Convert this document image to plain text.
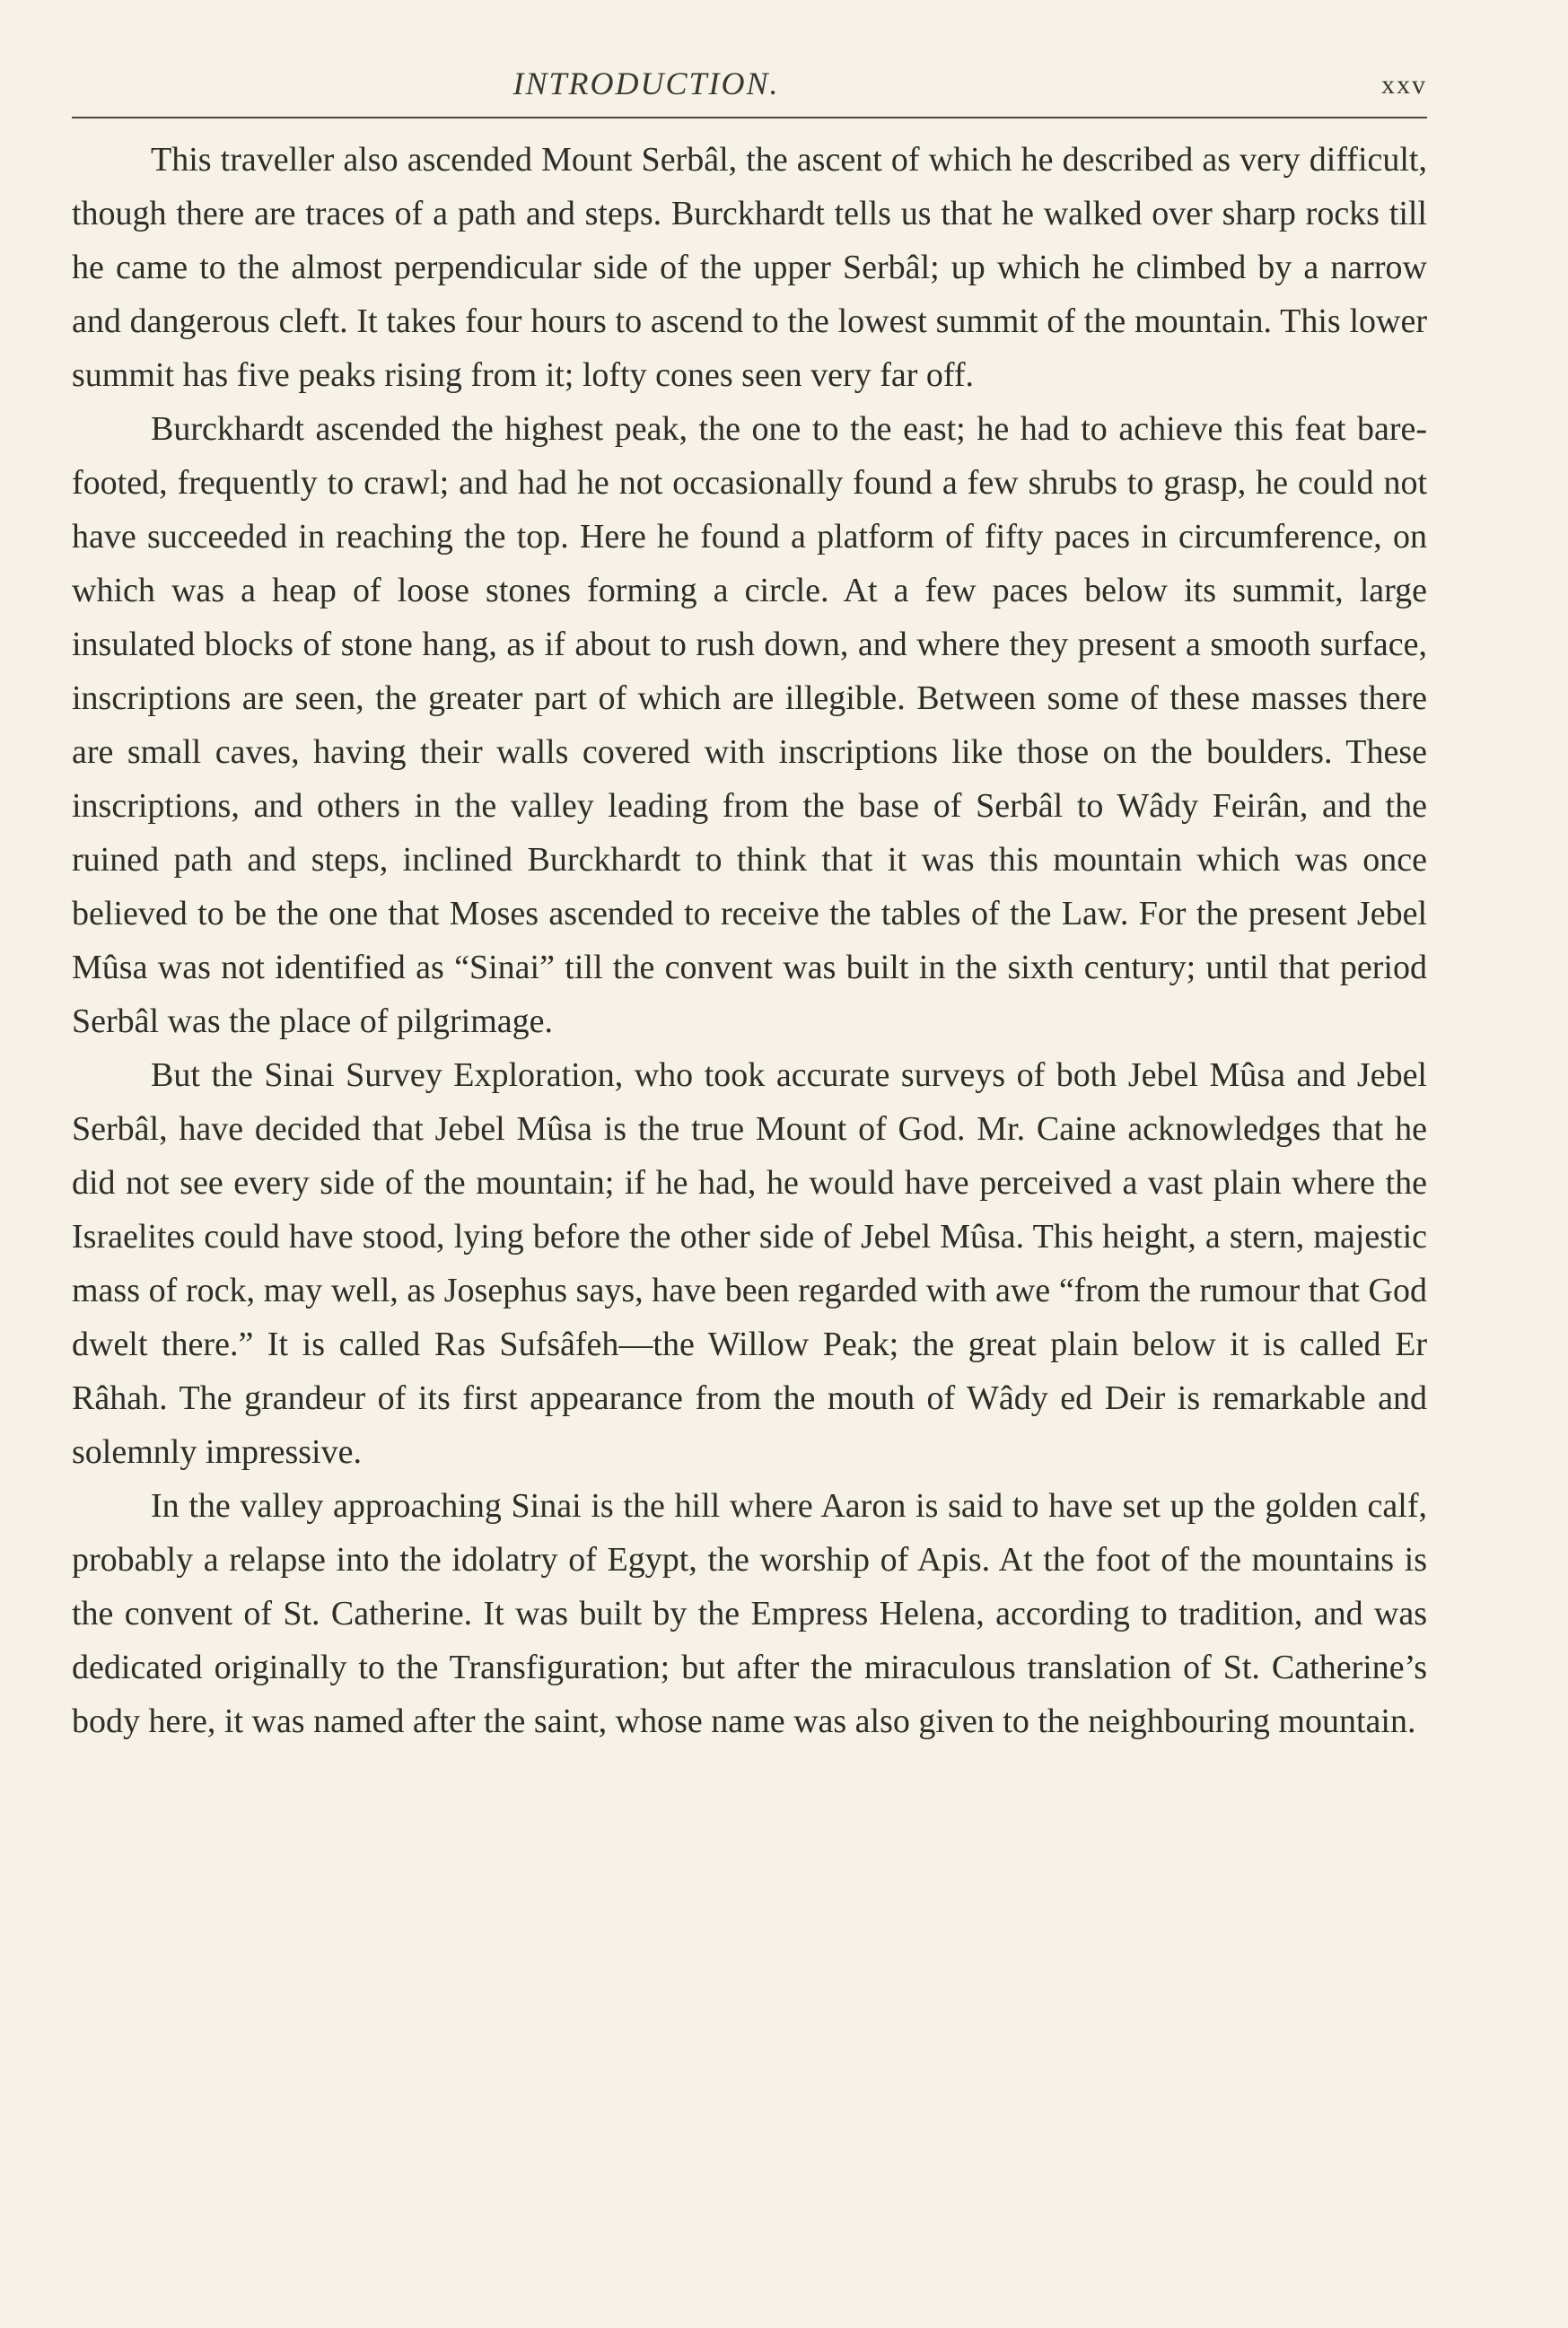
INTRODUCTION.	xxv

This traveller also ascended Mount Serbâl, the ascent of which he described as very difficult, though there are traces of a path and steps. Burckhardt tells us that he walked over sharp rocks till he came to the almost perpendicular side of the upper Serbâl; up which he climbed by a narrow and dangerous cleft. It takes four hours to ascend to the lowest summit of the mountain. This lower summit has five peaks rising from it; lofty cones seen very far off.

Burckhardt ascended the highest peak, the one to the east; he had to achieve this feat bare-footed, frequently to crawl; and had he not occasionally found a few shrubs to grasp, he could not have succeeded in reaching the top. Here he found a platform of fifty paces in circumference, on which was a heap of loose stones forming a circle. At a few paces below its summit, large insulated blocks of stone hang, as if about to rush down, and where they present a smooth surface, inscriptions are seen, the greater part of which are illegible. Between some of these masses there are small caves, having their walls covered with inscriptions like those on the boulders. These inscriptions, and others in the valley leading from the base of Serbâl to Wâdy Feirân, and the ruined path and steps, inclined Burckhardt to think that it was this mountain which was once believed to be the one that Moses ascended to receive the tables of the Law. For the present Jebel Mûsa was not identified as “Sinai” till the convent was built in the sixth century; until that period Serbâl was the place of pilgrimage.

But the Sinai Survey Exploration, who took accurate surveys of both Jebel Mûsa and Jebel Serbâl, have decided that Jebel Mûsa is the true Mount of God. Mr. Caine acknowledges that he did not see every side of the mountain; if he had, he would have perceived a vast plain where the Israelites could have stood, lying before the other side of Jebel Mûsa. This height, a stern, majestic mass of rock, may well, as Josephus says, have been regarded with awe “from the rumour that God dwelt there.” It is called Ras Sufsâfeh—the Willow Peak; the great plain below it is called Er Râhah. The grandeur of its first appearance from the mouth of Wâdy ed Deir is remarkable and solemnly impressive.

In the valley approaching Sinai is the hill where Aaron is said to have set up the golden calf, probably a relapse into the idolatry of Egypt, the worship of Apis. At the foot of the mountains is the convent of St. Catherine. It was built by the Empress Helena, according to tradition, and was dedicated originally to the Transfiguration; but after the miraculous translation of St. Catherine’s body here, it was named after the saint, whose name was also given to the neighbouring mountain.
